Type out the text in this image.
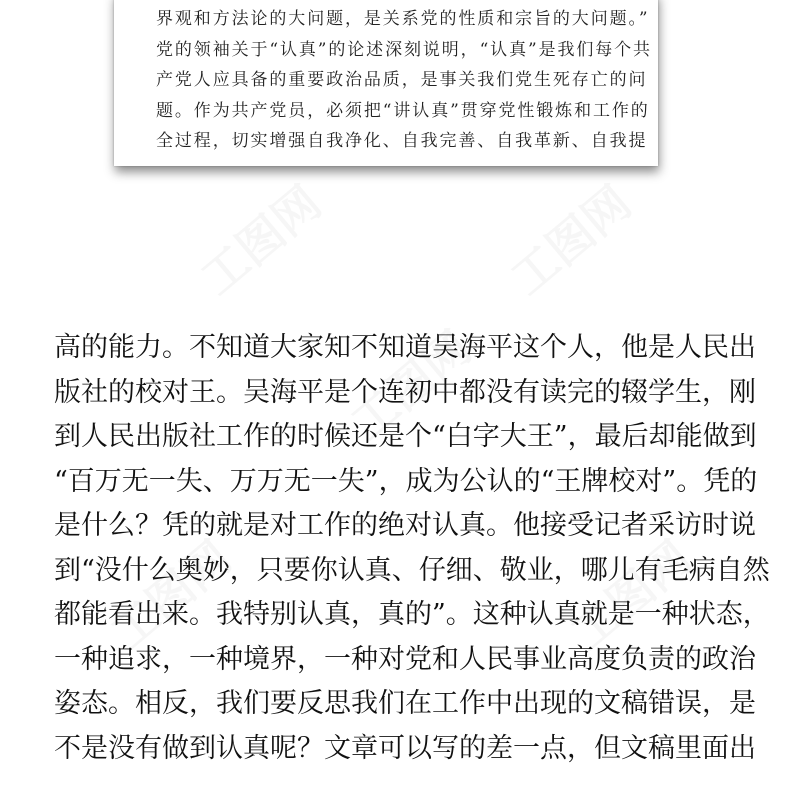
界观和方法论的大问题，是关系党的性质和宗旨的大问题。”
党的领袖关于“认真”的论述深刻说明，“认真”是我们每个共
产党人应具备的重要政治品质，是事关我们党生死存亡的问
题。作为共产党员，必须把“讲认真”贯穿党性锻炼和工作的
全过程，切实增强自我净化、自我完善、自我革新、自我提
高的能力。不知道大家知不知道吴海平这个人，他是人民出
版社的校对王。吴海平是个连初中都没有读完的辍学生，刚
到人民出版社工作的时候还是个“白字大王”，最后却能做到
“百万无一失、万万无一失”，成为公认的“王牌校对”。凭的
是什么？凭的就是对工作的绝对认真。他接受记者采访时说
到“没什么奥妙，只要你认真、仔细、敬业，哪儿有毛病自然
都能看出来。我特别认真，真的”。这种认真就是一种状态，
一种追求，一种境界，一种对党和人民事业高度负责的政治
姿态。相反，我们要反思我们在工作中出现的文稿错误，是
不是没有做到认真呢？文章可以写的差一点，但文稿里面出
